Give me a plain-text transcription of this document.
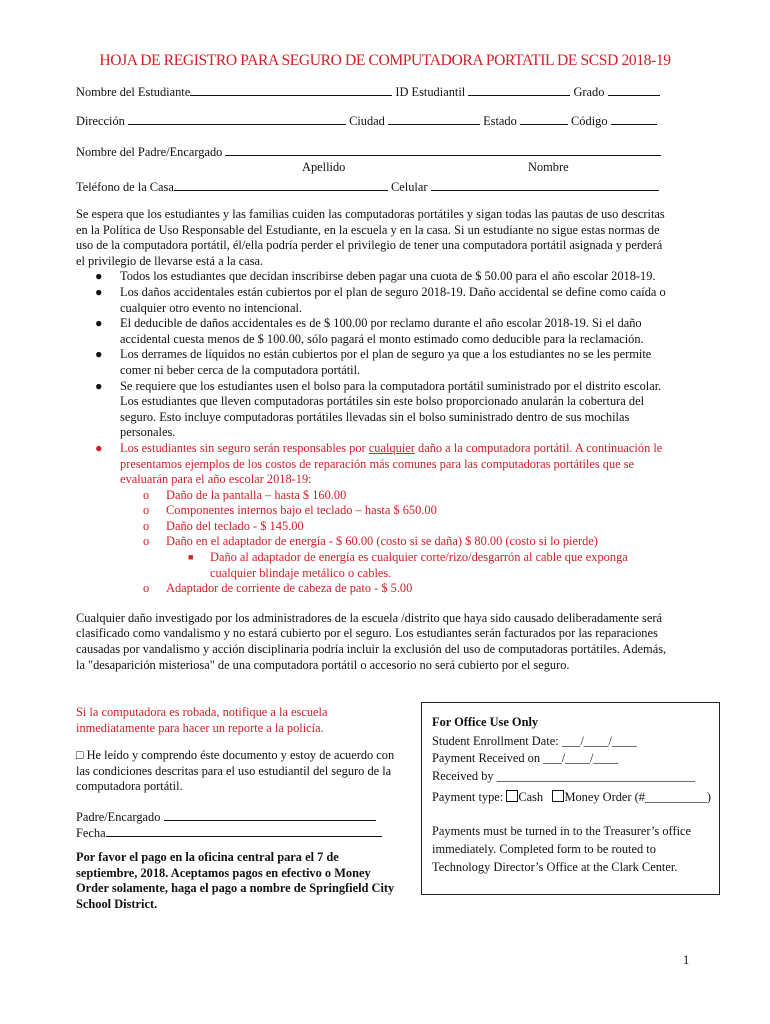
HOJA DE REGISTRO PARA SEGURO DE COMPUTADORA PORTATIL DE SCSD 2018-19
Nombre del Estudiante	ID Estudiantil	Grado
Dirección	Ciudad	Estado	Código
Nombre del Padre/Encargado
Apellido	Nombre
Teléfono de la Casa	Celular

Se espera que los estudiantes y las familias cuiden las computadoras portátiles y sigan todas las pautas de uso descritas en la Política de Uso Responsable del Estudiante, en la escuela y en la casa. Si un estudiante no sigue estas normas de uso de la computadora portátil, él/ella podría perder el privilegio de tener una computadora portátil asignada y perderá el privilegio de llevarse está a la casa.

● Todos los estudiantes que decidan inscribirse deben pagar una cuota de $ 50.00 para el año escolar 2018-19.
● Los daños accidentales están cubiertos por el plan de seguro 2018-19. Daño accidental se define como caída o cualquier otro evento no intencional.
● El deducible de daños accidentales es de $ 100.00 por reclamo durante el año escolar 2018-19. Si el daño accidental cuesta menos de $ 100.00, sólo pagará el monto estimado como deducible para la reclamación.
● Los derrames de líquidos no están cubiertos por el plan de seguro ya que a los estudiantes no se les permite comer ni beber cerca de la computadora portátil.
● Se requiere que los estudiantes usen el bolso para la computadora portátil suministrado por el distrito escolar. Los estudiantes que lleven computadoras portátiles sin este bolso proporcionado anularán la cobertura del seguro. Esto incluye computadoras portátiles llevadas sin el bolso suministrado dentro de sus mochilas personales.
● Los estudiantes sin seguro serán responsables por cualquier daño a la computadora portátil. A continuación le presentamos ejemplos de los costos de reparación más comunes para las computadoras portátiles que se evaluarán para el año escolar 2018-19:
o Daño de la pantalla – hasta $ 160.00
o Componentes internos bajo el teclado – hasta $ 650.00
o Daño del teclado - $ 145.00
o Daño en el adaptador de energía - $ 60.00 (costo si se daña) $ 80.00 (costo si lo pierde)
■ Daño al adaptador de energía es cualquier corte/rizo/desgarrón al cable que exponga cualquier blindaje metálico o cables.
o Adaptador de corriente de cabeza de pato - $ 5.00

Cualquier daño investigado por los administradores de la escuela /distrito que haya sido causado deliberadamente será clasificado como vandalismo y no estará cubierto por el seguro. Los estudiantes serán facturados por las reparaciones causadas por vandalismo y acción disciplinaria podría incluir la exclusión del uso de computadoras portátiles. Además, la "desaparición misteriosa" de una computadora portátil o accesorio no será cubierto por el seguro.

Si la computadora es robada, notifique a la escuela inmediatamente para hacer un reporte a la policía.
□ He leído y comprendo éste documento y estoy de acuerdo con las condiciones descritas para el uso estudiantil del seguro de la computadora portátil.
Padre/Encargado
Fecha
Por favor el pago en la oficina central para el 7 de septiembre, 2018. Aceptamos pagos en efectivo o Money Order solamente, haga el pago a nombre de Springfield City School District.
For Office Use Only
Student Enrollment Date: ___/____/____
Payment Received on ___/____/____
Received by ________________________________
Payment type: Cash Money Order (#__________)
Payments must be turned in to the Treasurer’s office immediately. Completed form to be routed to Technology Director’s Office at the Clark Center.
1
